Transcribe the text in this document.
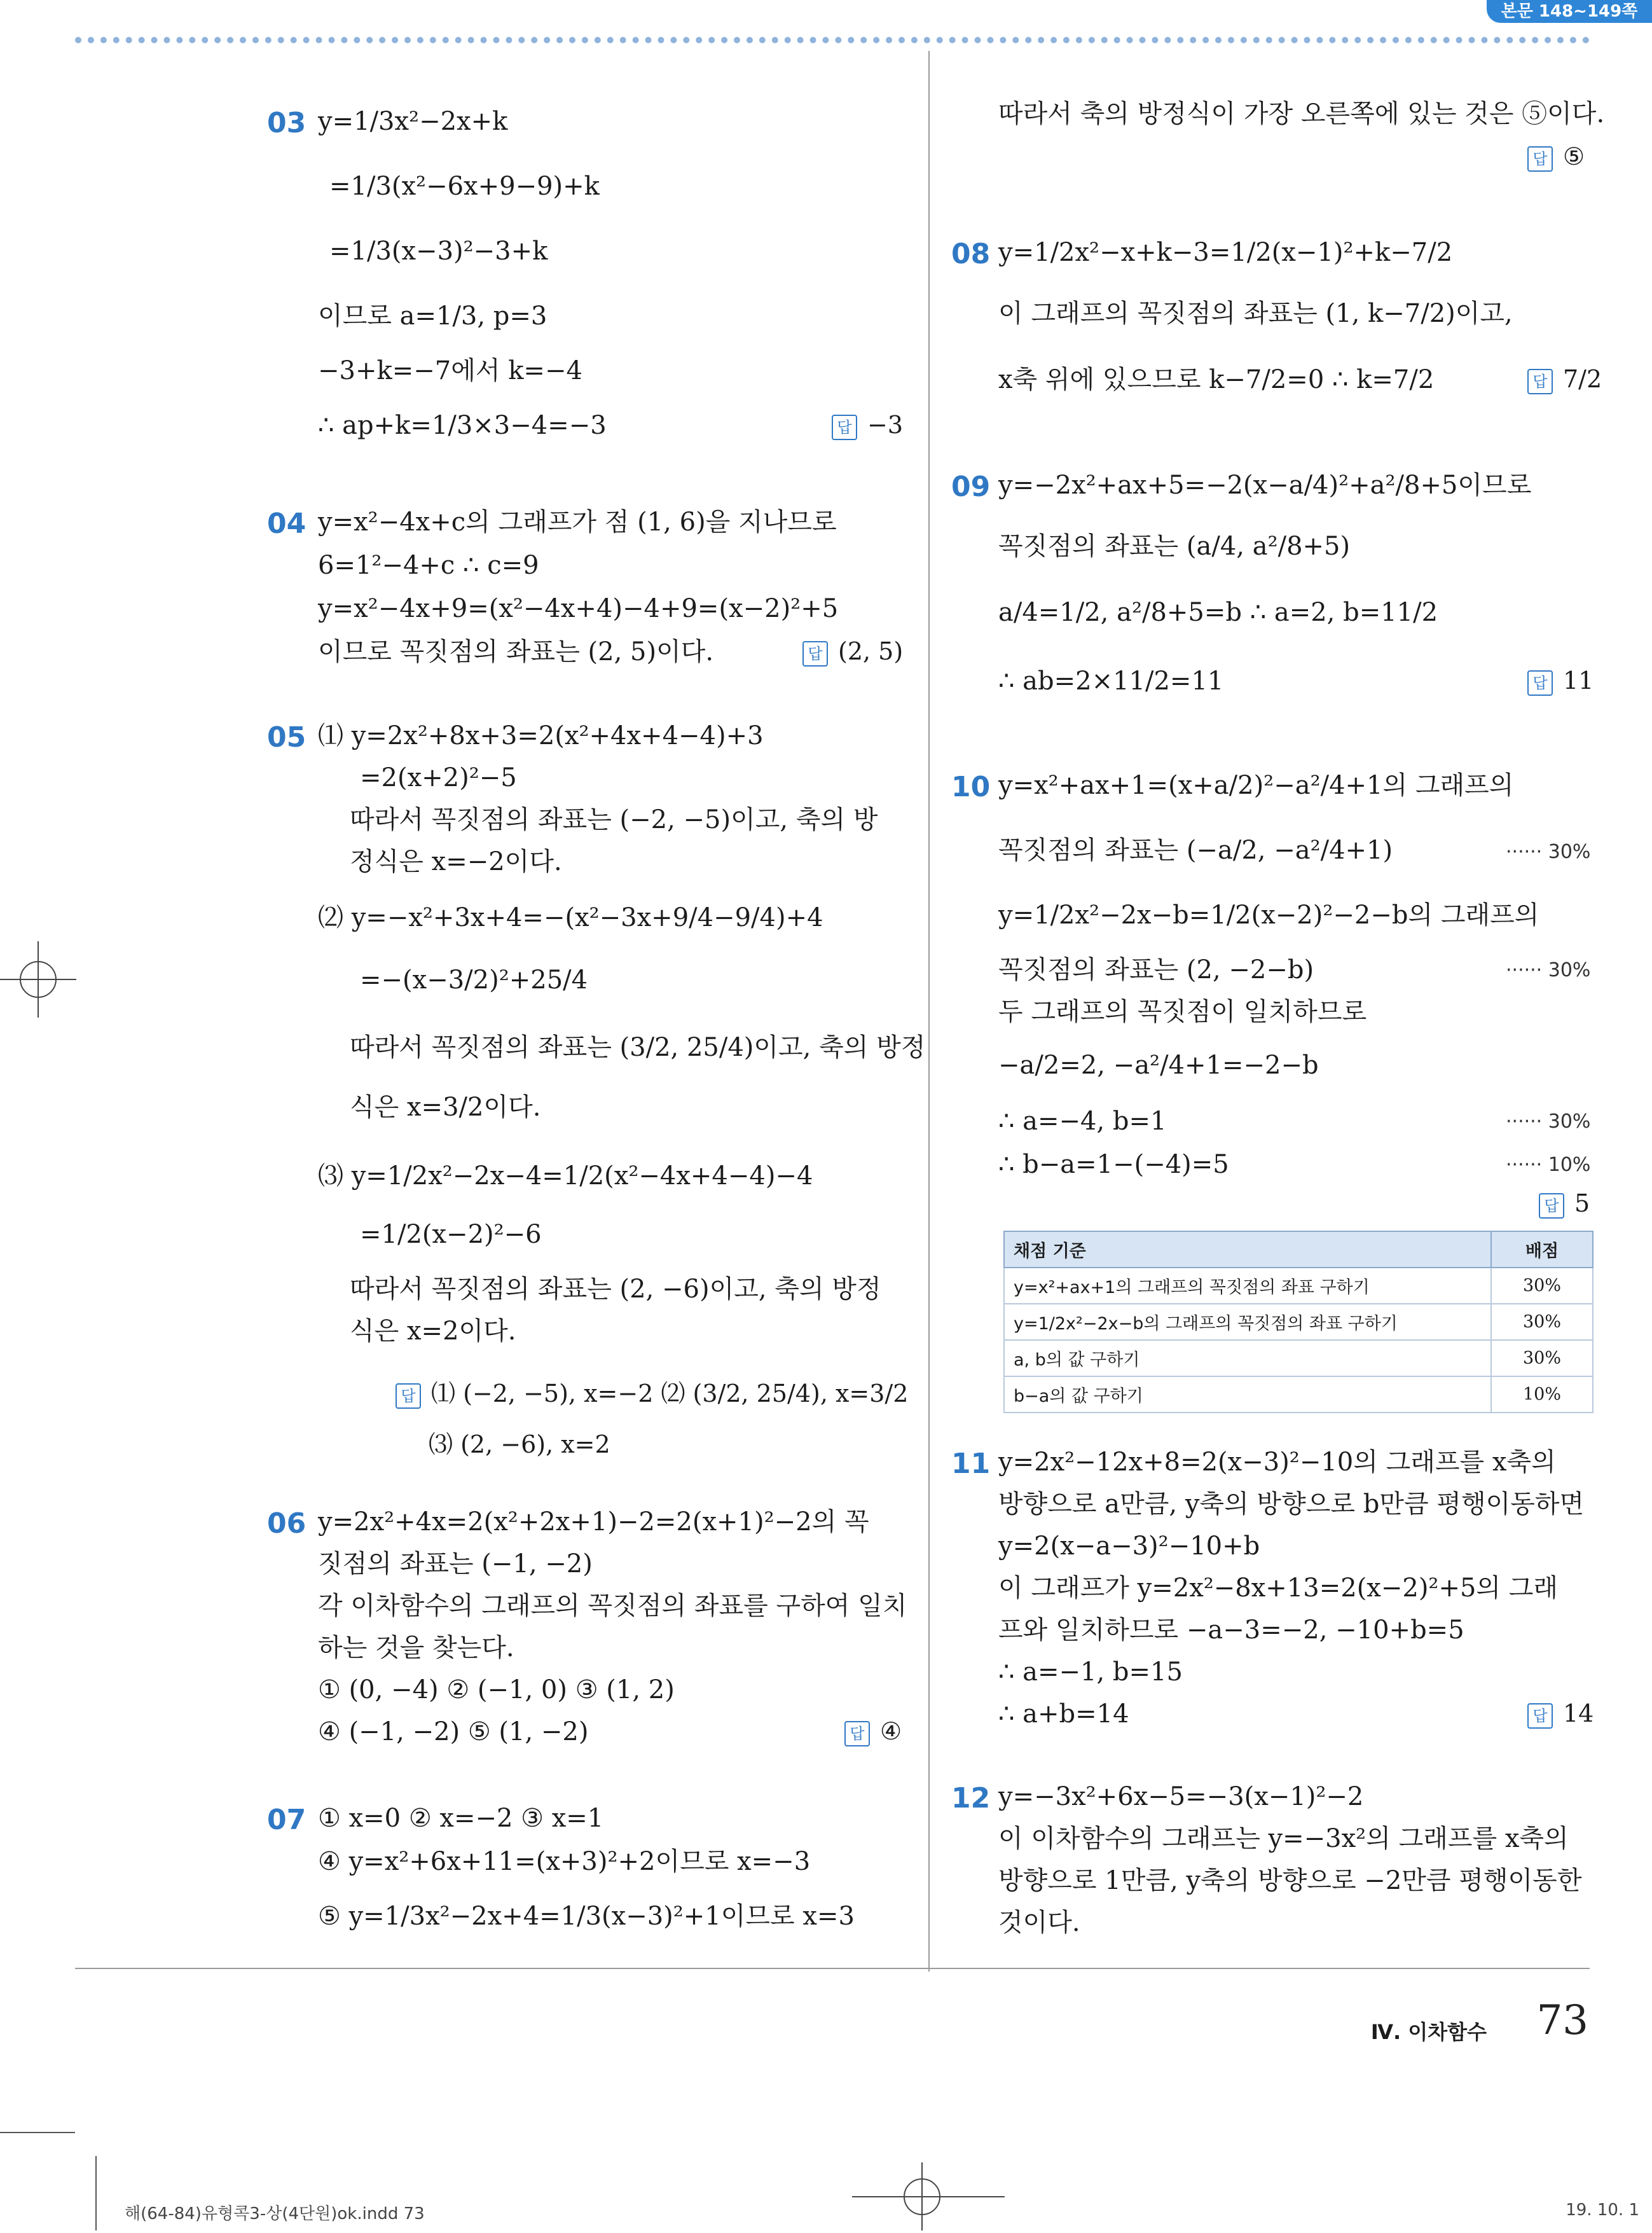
본문 148~149쪽
03 y=1/3x²−2x+k
=1/3(x²−6x+9−9)+k
=1/3(x−3)²−3+k
이므로 a=1/3, p=3
−3+k=−7에서 k=−4
∴ ap+k=1/3×3−4=−3	답 −3
04 y=x²−4x+c의 그래프가 점 (1, 6)을 지나므로
6=1²−4+c ∴ c=9
y=x²−4x+9=(x²−4x+4)−4+9=(x−2)²+5
이므로 꼭짓점의 좌표는 (2, 5)이다.	답 (2, 5)
05 ⑴ y=2x²+8x+3=2(x²+4x+4−4)+3
=2(x+2)²−5
따라서 꼭짓점의 좌표는 (−2, −5)이고, 축의 방
정식은 x=−2이다.
⑵ y=−x²+3x+4=−(x²−3x+9/4−9/4)+4
=−(x−3/2)²+25/4
따라서 꼭짓점의 좌표는 (3/2, 25/4)이고, 축의 방정
식은 x=3/2이다.
⑶ y=1/2x²−2x−4=1/2(x²−4x+4−4)−4
=1/2(x−2)²−6
따라서 꼭짓점의 좌표는 (2, −6)이고, 축의 방정
식은 x=2이다.
답 ⑴ (−2, −5), x=−2 ⑵ (3/2, 25/4), x=3/2
⑶ (2, −6), x=2
06 y=2x²+4x=2(x²+2x+1)−2=2(x+1)²−2의 꼭
짓점의 좌표는 (−1, −2)
각 이차함수의 그래프의 꼭짓점의 좌표를 구하여 일치
하는 것을 찾는다.
① (0, −4) ② (−1, 0) ③ (1, 2)
④ (−1, −2) ⑤ (1, −2)	답 ④
07 ① x=0 ② x=−2 ③ x=1
④ y=x²+6x+11=(x+3)²+2이므로 x=−3
⑤ y=1/3x²−2x+4=1/3(x−3)²+1이므로 x=3
따라서 축의 방정식이 가장 오른쪽에 있는 것은 ⑤이다.
답 ⑤
08 y=1/2x²−x+k−3=1/2(x−1)²+k−7/2
이 그래프의 꼭짓점의 좌표는 (1, k−7/2)이고,
x축 위에 있으므로 k−7/2=0 ∴ k=7/2	답 7/2
09 y=−2x²+ax+5=−2(x−a/4)²+a²/8+5이므로
꼭짓점의 좌표는 (a/4, a²/8+5)
a/4=1/2, a²/8+5=b ∴ a=2, b=11/2
∴ ab=2×11/2=11	답 11
10 y=x²+ax+1=(x+a/2)²−a²/4+1의 그래프의
꼭짓점의 좌표는 (−a/2, −a²/4+1)	······ 30%
y=1/2x²−2x−b=1/2(x−2)²−2−b의 그래프의
꼭짓점의 좌표는 (2, −2−b)	······ 30%
두 그래프의 꼭짓점이 일치하므로
−a/2=2, −a²/4+1=−2−b
∴ a=−4, b=1	······ 30%
∴ b−a=1−(−4)=5	······ 10%
답 5
채점 기준	배점
y=x²+ax+1의 그래프의 꼭짓점의 좌표 구하기	30%
y=1/2x²−2x−b의 그래프의 꼭짓점의 좌표 구하기	30%
a, b의 값 구하기	30%
b−a의 값 구하기	10%
11 y=2x²−12x+8=2(x−3)²−10의 그래프를 x축의
방향으로 a만큼, y축의 방향으로 b만큼 평행이동하면
y=2(x−a−3)²−10+b
이 그래프가 y=2x²−8x+13=2(x−2)²+5의 그래
프와 일치하므로 −a−3=−2, −10+b=5
∴ a=−1, b=15
∴ a+b=14	답 14
12 y=−3x²+6x−5=−3(x−1)²−2
이 이차함수의 그래프는 y=−3x²의 그래프를 x축의
방향으로 1만큼, y축의 방향으로 −2만큼 평행이동한
것이다.
Ⅳ. 이차함수 73
해(64-84)유형콕3-상(4단원)ok.indd 73	19. 10. 1
